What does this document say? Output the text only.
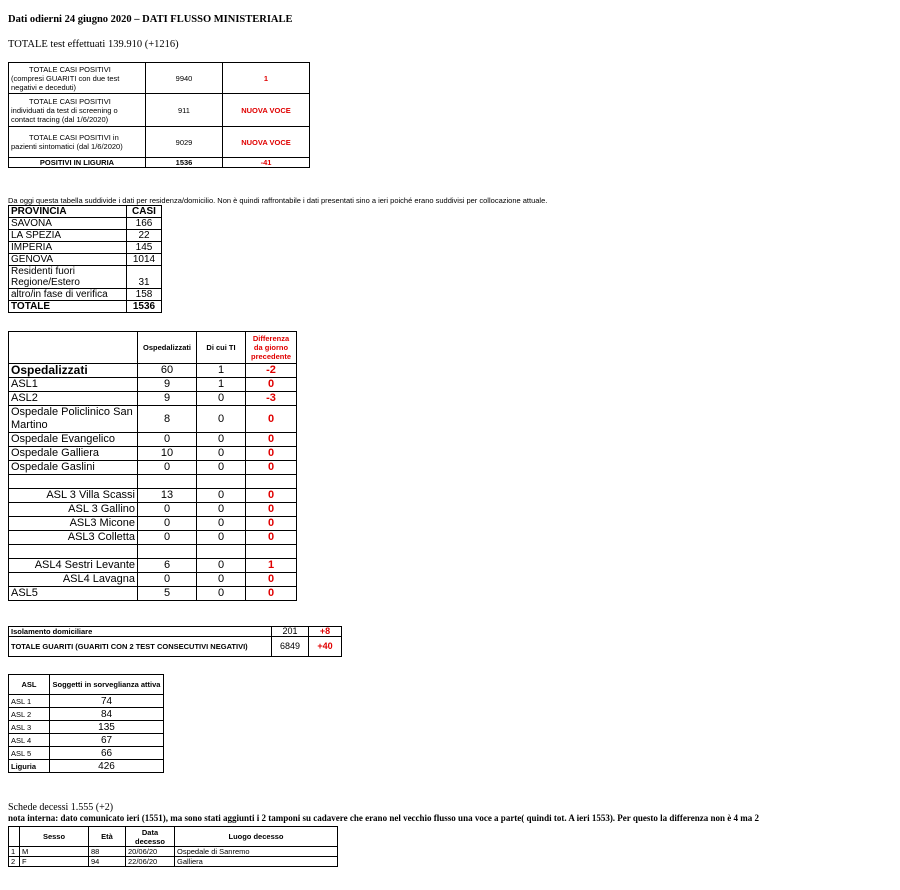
Dati odierni 24 giugno 2020 – DATI FLUSSO MINISTERIALE
TOTALE test effettuati 139.910 (+1216)
TOTALE CASI POSITIVI (compresi GUARITI con due test negativi e deceduti)	9940	1

TOTALE CASI POSITIVI individuati da test di screening o contact tracing (dal 1/6/2020)	911	NUOVA VOCE

TOTALE CASI POSITIVI in pazienti sintomatici (dal 1/6/2020)	9029	NUOVA VOCE
POSITIVI IN LIGURIA	1536	-41
Da oggi questa tabella suddivide i dati per residenza/domicilio. Non è quindi raffrontabile i dati presentati sino a ieri poiché erano suddivisi per collocazione attuale.
PROVINCIA	CASI
SAVONA	166
LA SPEZIA	22
IMPERIA	145
GENOVA	1014
Residenti fuori Regione/Estero	31
altro/in fase di verifica	158
TOTALE	1536
	Ospedalizzati	Di cui TI	Differenza da giorno precedente
Ospedalizzati	60	1	-2
ASL1	9	1	0
ASL2	9	0	-3
Ospedale Policlinico San Martino	8	0	0
Ospedale Evangelico	0	0	0
Ospedale Galliera	10	0	0
Ospedale Gaslini	0	0	0

ASL 3 Villa Scassi	13	0	0
ASL 3 Gallino	0	0	0
ASL3 Micone	0	0	0
ASL3 Colletta	0	0	0

ASL4 Sestri Levante	6	0	1
ASL4 Lavagna	0	0	0
ASL5	5	0	0
Isolamento domiciliare	201	+8
TOTALE GUARITI (GUARITI CON 2 TEST CONSECUTIVI NEGATIVI)	6849	+40
ASL	Soggetti in sorveglianza attiva
ASL 1	74
ASL 2	84
ASL 3	135
ASL 4	67
ASL 5	66
Liguria	426
Schede decessi 1.555 (+2)
nota interna: dato comunicato ieri (1551), ma sono stati aggiunti i 2 tamponi su cadavere che erano nel vecchio flusso una voce a parte( quindi tot. A ieri 1553). Per questo la differenza non è 4 ma 2
	Sesso	Età	Data decesso	Luogo decesso
1	M	88	20/06/20	Ospedale di Sanremo
2	F	94	22/06/20	Galliera
